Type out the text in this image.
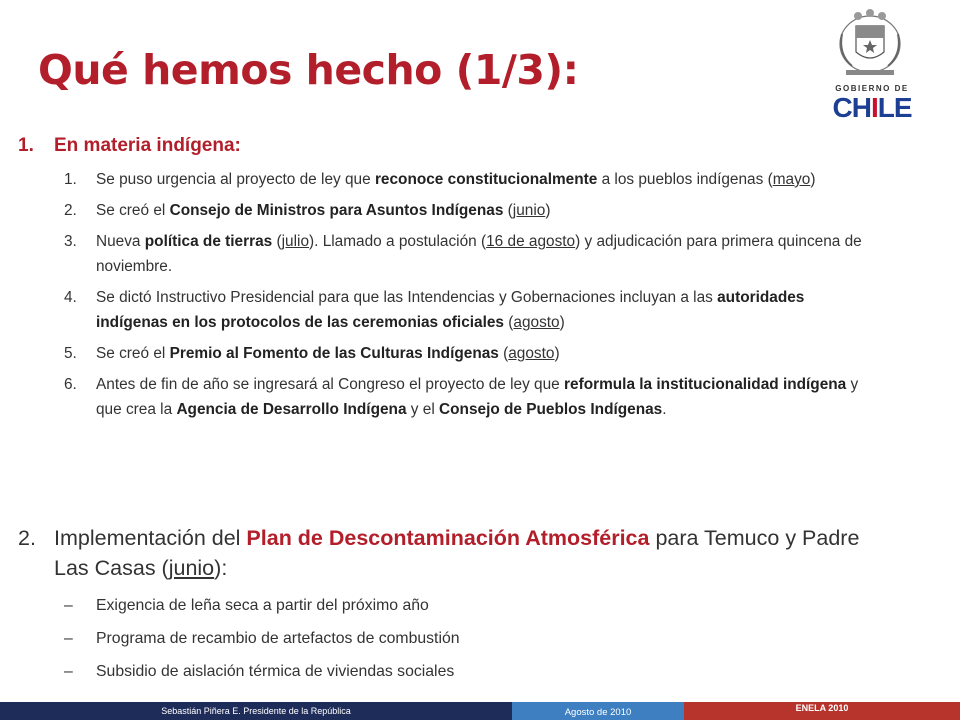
Qué hemos hecho (1/3):	GOBIERNO DE
CHILE
1. En materia indígena:
1. Se puso urgencia al proyecto de ley que reconoce constitucionalmente a los pueblos indígenas (mayo)
2. Se creó el Consejo de Ministros para Asuntos Indígenas (junio)
3. Nueva política de tierras (julio). Llamado a postulación (16 de agosto) y adjudicación para primera quincena de noviembre.
4. Se dictó Instructivo Presidencial para que las Intendencias y Gobernaciones incluyan a las autoridades indígenas en los protocolos de las ceremonias oficiales (agosto)
5. Se creó el Premio al Fomento de las Culturas Indígenas (agosto)
6. Antes de fin de año se ingresará al Congreso el proyecto de ley que reformula la institucionalidad indígena y que crea la Agencia de Desarrollo Indígena y el Consejo de Pueblos Indígenas.
2. Implementación del Plan de Descontaminación Atmosférica para Temuco y Padre Las Casas (junio):
– Exigencia de leña seca a partir del próximo año
– Programa de recambio de artefactos de combustión
– Subsidio de aislación térmica de viviendas sociales
Sebastián Piñera E. Presidente de la República	Agosto de 2010	ENELA 2010
